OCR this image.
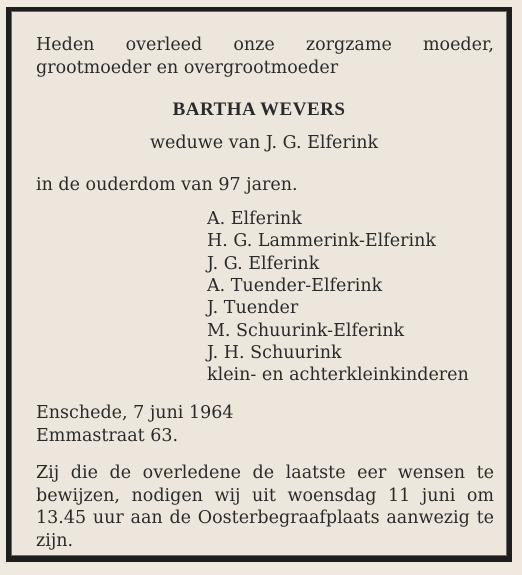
Heden overleed onze zorgzame moeder, grootmoeder en overgrootmoeder
BARTHA WEVERS
weduwe van J. G. Elferink
in de ouderdom van 97 jaren.
A. Elferink
H. G. Lammerink-Elferink
J. G. Elferink
A. Tuender-Elferink
J. Tuender
M. Schuurink-Elferink
J. H. Schuurink
klein- en achterkleinkinderen
Enschede, 7 juni 1964
Emmastraat 63.
Zij die de overledene de laatste eer wensen te bewijzen, nodigen wij uit woensdag 11 juni om 13.45 uur aan de Oosterbegraafplaats aanwezig te zijn.
